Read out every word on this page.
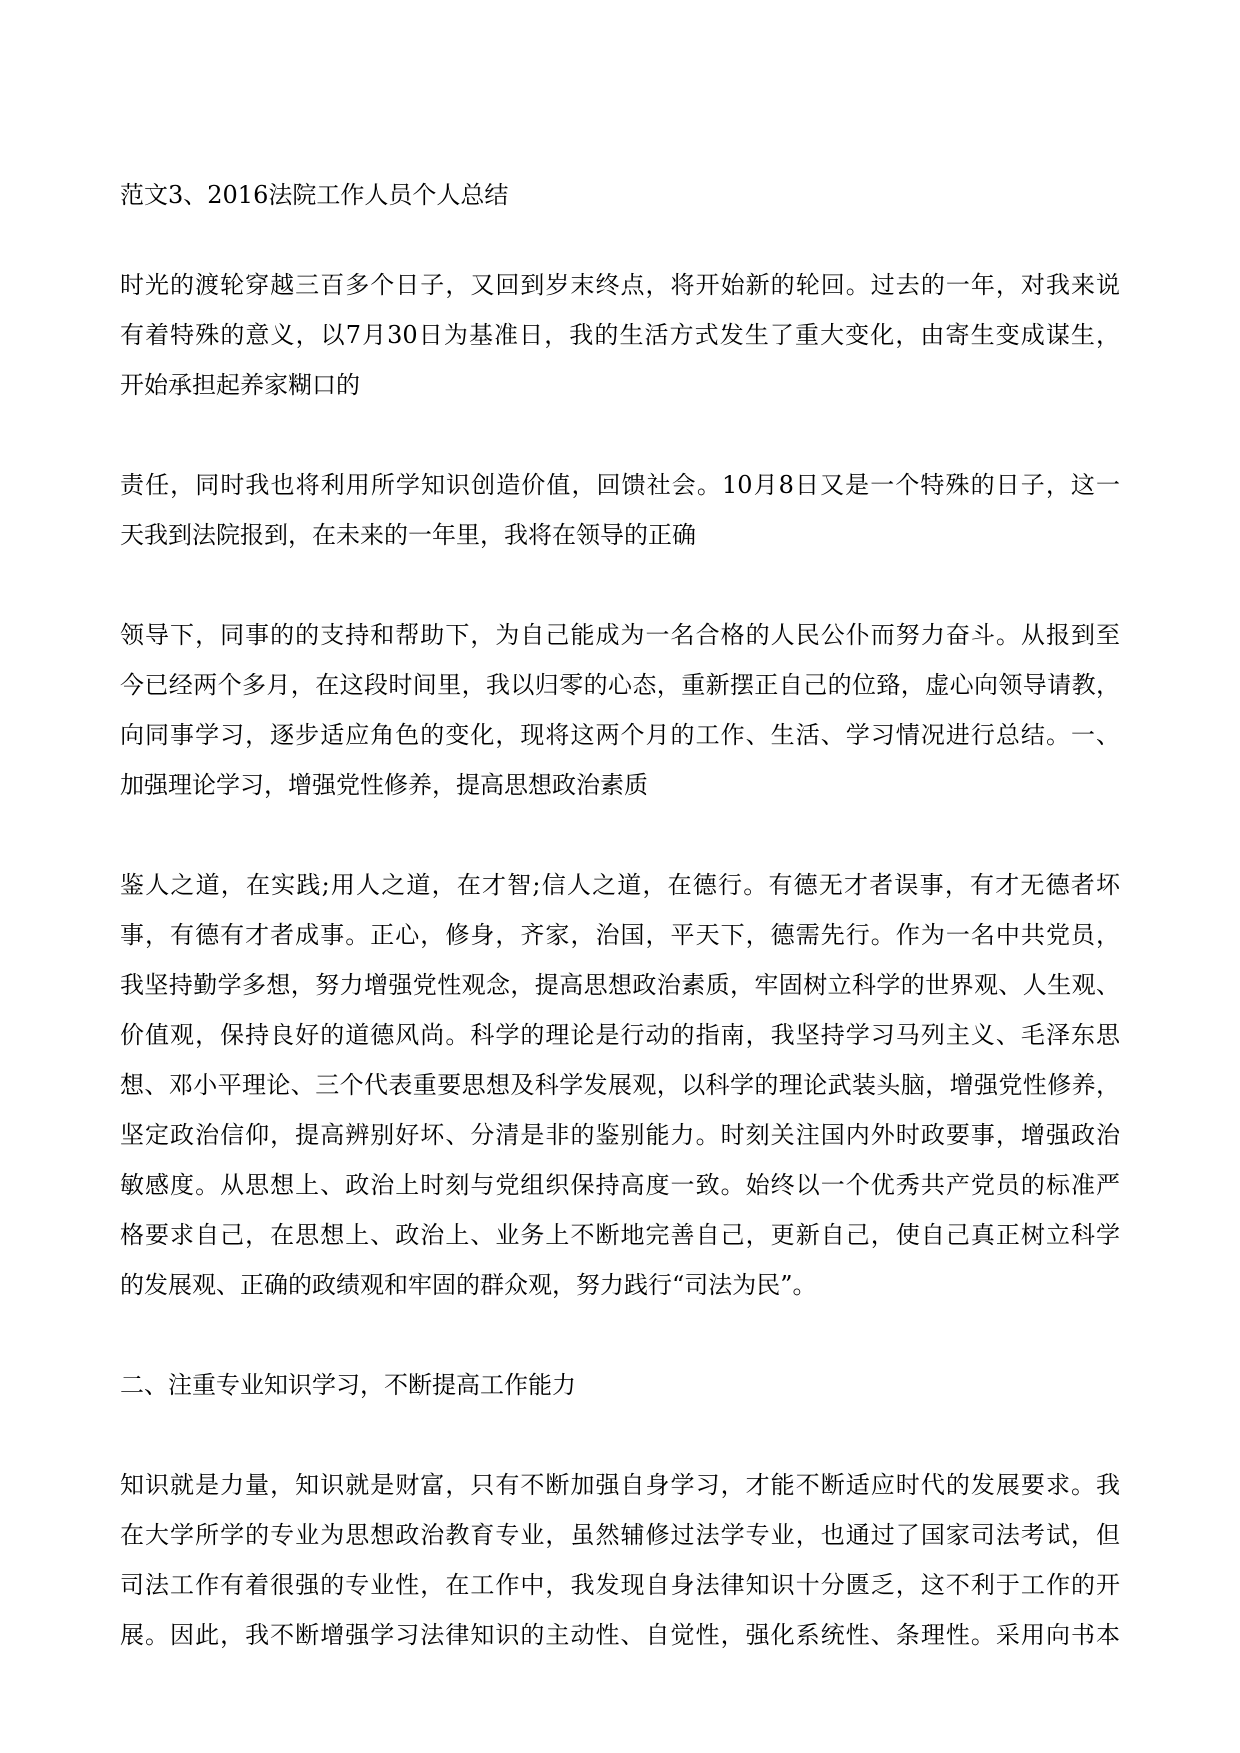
范文3、2016法院工作人员个人总结
时光的渡轮穿越三百多个日子，又回到岁末终点，将开始新的轮回。过去的一年，对我来说
有着特殊的意义，以7月30日为基准日，我的生活方式发生了重大变化，由寄生变成谋生，
开始承担起养家糊口的
责任，同时我也将利用所学知识创造价值，回馈社会。10月8日又是一个特殊的日子，这一
天我到法院报到，在未来的一年里，我将在领导的正确
领导下，同事的的支持和帮助下，为自己能成为一名合格的人民公仆而努力奋斗。从报到至
今已经两个多月，在这段时间里，我以归零的心态，重新摆正自己的位臵，虚心向领导请教，
向同事学习，逐步适应角色的变化，现将这两个月的工作、生活、学习情况进行总结。一、
加强理论学习，增强党性修养，提高思想政治素质
鉴人之道，在实践;用人之道，在才智;信人之道，在德行。有德无才者误事，有才无德者坏
事，有德有才者成事。正心，修身，齐家，治国，平天下，德需先行。作为一名中共党员，
我坚持勤学多想，努力增强党性观念，提高思想政治素质，牢固树立科学的世界观、人生观、
价值观，保持良好的道德风尚。科学的理论是行动的指南，我坚持学习马列主义、毛泽东思
想、邓小平理论、三个代表重要思想及科学发展观，以科学的理论武装头脑，增强党性修养，
坚定政治信仰，提高辨别好坏、分清是非的鉴别能力。时刻关注国内外时政要事，增强政治
敏感度。从思想上、政治上时刻与党组织保持高度一致。始终以一个优秀共产党员的标准严
格要求自己，在思想上、政治上、业务上不断地完善自己，更新自己，使自己真正树立科学
的发展观、正确的政绩观和牢固的群众观，努力践行“司法为民”。
二、注重专业知识学习，不断提高工作能力
知识就是力量，知识就是财富，只有不断加强自身学习，才能不断适应时代的发展要求。我
在大学所学的专业为思想政治教育专业，虽然辅修过法学专业，也通过了国家司法考试，但
司法工作有着很强的专业性，在工作中，我发现自身法律知识十分匮乏，这不利于工作的开
展。因此，我不断增强学习法律知识的主动性、自觉性，强化系统性、条理性。采用向书本
